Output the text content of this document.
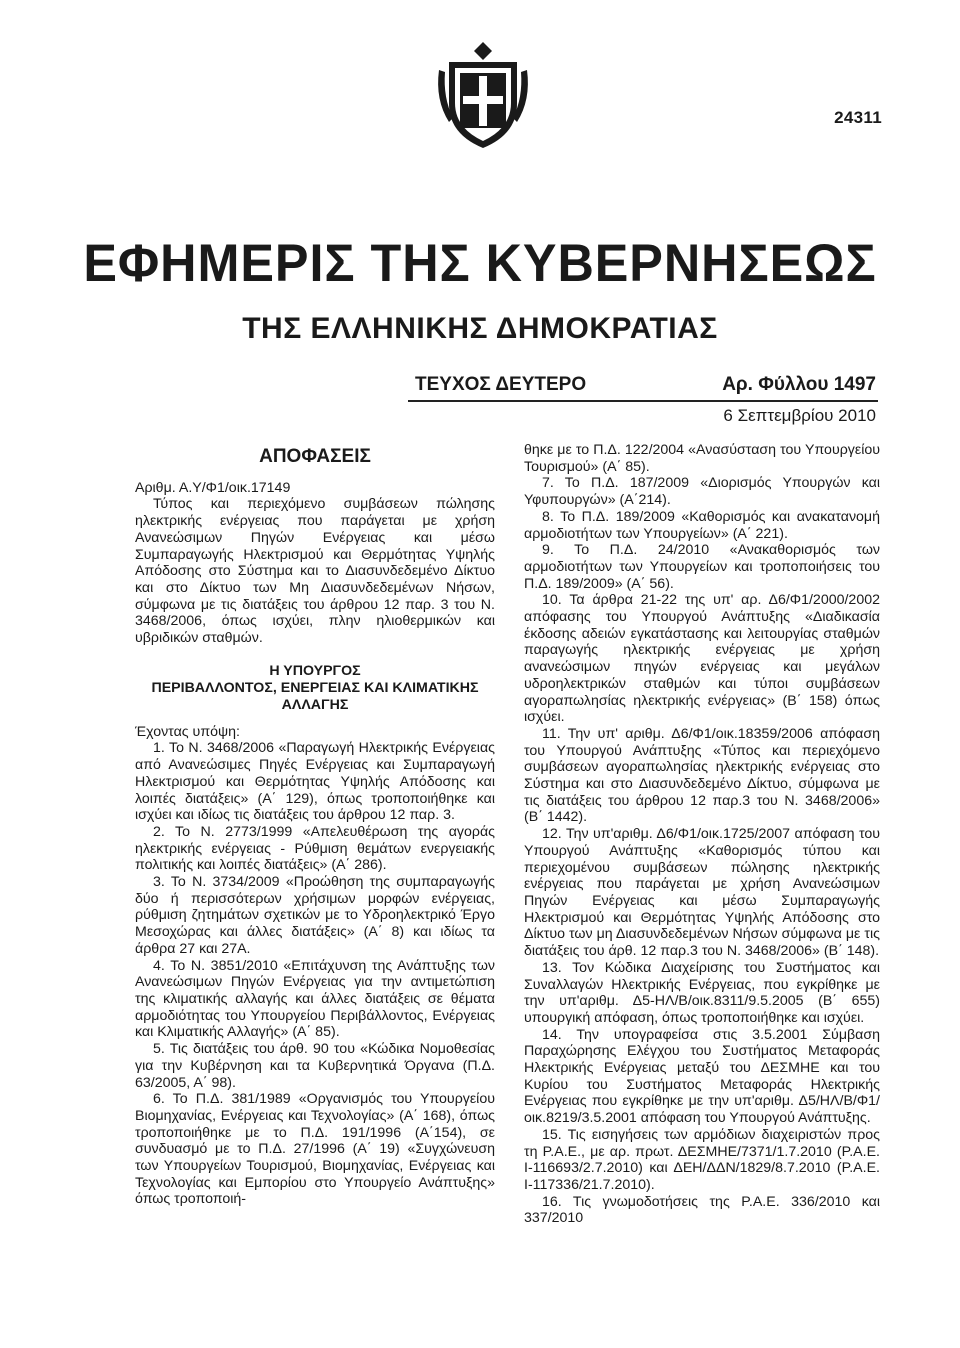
24311
ΕΦΗΜΕΡΙΣ ΤΗΣ ΚΥΒΕΡΝΗΣΕΩΣ
ΤΗΣ ΕΛΛΗΝΙΚΗΣ ΔΗΜΟΚΡΑΤΙΑΣ
ΤΕΥΧΟΣ ΔΕΥΤΕΡΟ	Αρ. Φύλλου 1497
6 Σεπτεμβρίου 2010
ΑΠΟΦΑΣΕΙΣ

Αριθμ. Α.Υ/Φ1/οικ.17149

Τύπος και περιεχόμενο συμβάσεων πώλησης ηλεκτρικής ενέργειας που παράγεται με χρήση Ανανεώσιμων Πηγών Ενέργειας και μέσω Συμπαραγωγής Ηλεκτρισμού και Θερμότητας Υψηλής Απόδοσης στο Σύστημα και το Διασυνδεδεμένο Δίκτυο και στο Δίκτυο των Μη Διασυνδεδεμένων Νήσων, σύμφωνα με τις διατάξεις του άρθρου 12 παρ. 3 του Ν. 3468/2006, όπως ισχύει, πλην ηλιοθερμικών και υβριδικών σταθμών.

Η ΥΠΟΥΡΓΟΣ
ΠΕΡΙΒΑΛΛΟΝΤΟΣ, ΕΝΕΡΓΕΙΑΣ ΚΑΙ ΚΛΙΜΑΤΙΚΗΣ
ΑΛΛΑΓΗΣ

Έχοντας υπόψη:

1. Το Ν. 3468/2006 «Παραγωγή Ηλεκτρικής Ενέργειας από Ανανεώσιμες Πηγές Ενέργειας και Συμπαραγωγή Ηλεκτρισμού και Θερμότητας Υψηλής Απόδοσης και λοιπές διατάξεις» (Α΄ 129), όπως τροποποιήθηκε και ισχύει και ιδίως τις διατάξεις του άρθρου 12 παρ. 3.

2. Το Ν. 2773/1999 «Απελευθέρωση της αγοράς ηλεκτρικής ενέργειας - Ρύθμιση θεμάτων ενεργειακής πολιτικής και λοιπές διατάξεις» (Α΄ 286).

3. Το Ν. 3734/2009 «Προώθηση της συμπαραγωγής δύο ή περισσότερων χρήσιμων μορφών ενέργειας, ρύθμιση ζητημάτων σχετικών με το Υδροηλεκτρικό Έργο Μεσοχώρας και άλλες διατάξεις» (Α΄ 8) και ιδίως τα άρθρα 27 και 27Α.

4. Το Ν. 3851/2010 «Επιτάχυνση της Ανάπτυξης των Ανανεώσιμων Πηγών Ενέργειας για την αντιμετώπιση της κλιματικής αλλαγής και άλλες διατάξεις σε θέματα αρμοδιότητας του Υπουργείου Περιβάλλοντος, Ενέργειας και Κλιματικής Αλλαγής» (Α΄ 85).

5. Τις διατάξεις του άρθ. 90 του «Κώδικα Νομοθεσίας για την Κυβέρνηση και τα Κυβερνητικά Όργανα (Π.Δ. 63/2005, Α΄ 98).

6. Το Π.Δ. 381/1989 «Οργανισμός του Υπουργείου Βιομηχανίας, Ενέργειας και Τεχνολογίας» (Α΄ 168), όπως τροποποιήθηκε με το Π.Δ. 191/1996 (Α΄154), σε συνδυασμό με το Π.Δ. 27/1996 (Α΄ 19) «Συγχώνευση των Υπουργείων Τουρισμού, Βιομηχανίας, Ενέργειας και Τεχνολογίας και Εμπορίου στο Υπουργείο Ανάπτυξης» όπως τροποποιή-

θηκε με το Π.Δ. 122/2004 «Ανασύσταση του Υπουργείου Τουρισμού» (Α΄ 85).

7. Το Π.Δ. 187/2009 «Διορισμός Υπουργών και Υφυπουργών» (Α΄214).

8. Το Π.Δ. 189/2009 «Καθορισμός και ανακατανομή αρμοδιοτήτων των Υπουργείων» (Α΄ 221).

9. Το Π.Δ. 24/2010 «Ανακαθορισμός των αρμοδιοτήτων των Υπουργείων και τροποποιήσεις του Π.Δ. 189/2009» (Α΄ 56).

10. Τα άρθρα 21-22 της υπ' αρ. Δ6/Φ1/2000/2002 απόφασης του Υπουργού Ανάπτυξης «Διαδικασία έκδοσης αδειών εγκατάστασης και λειτουργίας σταθμών παραγωγής ηλεκτρικής ενέργειας με χρήση ανανεώσιμων πηγών ενέργειας και μεγάλων υδροηλεκτρικών σταθμών και τύποι συμβάσεων αγοραπωλησίας ηλεκτρικής ενέργειας» (Β΄ 158) όπως ισχύει.

11. Την υπ' αριθμ. Δ6/Φ1/οικ.18359/2006 απόφαση του Υπουργού Ανάπτυξης «Τύπος και περιεχόμενο συμβάσεων αγοραπωλησίας ηλεκτρικής ενέργειας στο Σύστημα και στο Διασυνδεδεμένο Δίκτυο, σύμφωνα με τις διατάξεις του άρθρου 12 παρ.3 του Ν. 3468/2006» (Β΄ 1442).

12. Την υπ'αριθμ. Δ6/Φ1/οικ.1725/2007 απόφαση του Υπουργού Ανάπτυξης «Καθορισμός τύπου και περιεχομένου συμβάσεων πώλησης ηλεκτρικής ενέργειας που παράγεται με χρήση Ανανεώσιμων Πηγών Ενέργειας και μέσω Συμπαραγωγής Ηλεκτρισμού και Θερμότητας Υψηλής Απόδοσης στο Δίκτυο των μη Διασυνδεδεμένων Νήσων σύμφωνα με τις διατάξεις του άρθ. 12 παρ.3 του Ν. 3468/2006» (Β΄ 148).

13. Τον Κώδικα Διαχείρισης του Συστήματος και Συναλλαγών Ηλεκτρικής Ενέργειας, που εγκρίθηκε με την υπ'αριθμ. Δ5-ΗΛ/Β/οικ.8311/9.5.2005 (Β΄ 655) υπουργική απόφαση, όπως τροποποιήθηκε και ισχύει.

14. Την υπογραφείσα στις 3.5.2001 Σύμβαση Παραχώρησης Ελέγχου του Συστήματος Μεταφοράς Ηλεκτρικής Ενέργειας μεταξύ του ΔΕΣΜΗΕ και του Κυρίου του Συστήματος Μεταφοράς Ηλεκτρικής Ενέργειας που εγκρίθηκε με την υπ'αριθμ. Δ5/ΗΛ/Β/Φ1/οικ.8219/3.5.2001 απόφαση του Υπουργού Ανάπτυξης.

15. Τις εισηγήσεις των αρμόδιων διαχειριστών προς τη Ρ.Α.Ε., με αρ. πρωτ. ΔΕΣΜΗΕ/7371/1.7.2010 (Ρ.Α.Ε. Ι-116693/2.7.2010) και ΔΕΗ/ΔΔΝ/1829/8.7.2010 (Ρ.Α.Ε. Ι-117336/21.7.2010).

16. Τις γνωμοδοτήσεις της Ρ.Α.Ε. 336/2010 και 337/2010
